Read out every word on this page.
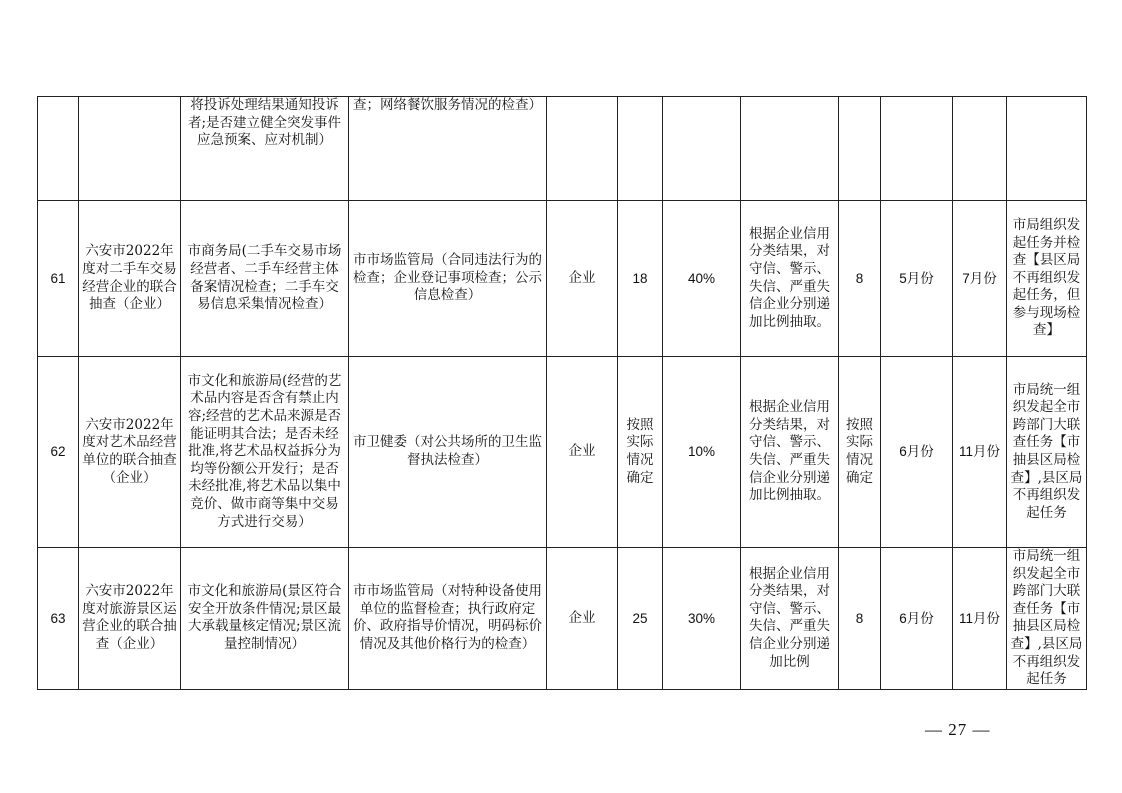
		将投诉处理结果通知投诉者;是否建立健全突发事件应急预案、应对机制）	查；网络餐饮服务情况的检查）								
61	六安市2022年度对二手车交易经营企业的联合抽查（企业）	市商务局(二手车交易市场经营者、二手车经营主体备案情况检查；二手车交易信息采集情况检查）	市市场监管局（合同违法行为的检查；企业登记事项检查；公示信息检查）	企业	18	40%	根据企业信用分类结果，对守信、警示、失信、严重失信企业分别递加比例抽取。	8	5月份	7月份	市局组织发起任务并检查【县区局不再组织发起任务，但参与现场检查】
62	六安市2022年度对艺术品经营单位的联合抽查（企业）	市文化和旅游局(经营的艺术品内容是否含有禁止内容;经营的艺术品来源是否能证明其合法；是否未经批准,将艺术品权益拆分为均等份额公开发行；是否未经批准,将艺术品以集中竞价、做市商等集中交易方式进行交易）	市卫健委（对公共场所的卫生监督执法检查）	企业	按照实际情况确定	10%	根据企业信用分类结果，对守信、警示、失信、严重失信企业分别递加比例抽取。	按照实际情况确定	6月份	11月份	市局统一组织发起全市跨部门大联查任务【市抽县区局检查】,县区局不再组织发起任务
63	六安市2022年度对旅游景区运营企业的联合抽查（企业）	市文化和旅游局(景区符合安全开放条件情况;景区最大承载量核定情况;景区流量控制情况）	市市场监管局（对特种设备使用单位的监督检查；执行政府定价、政府指导价情况，明码标价情况及其他价格行为的检查）	企业	25	30%	根据企业信用分类结果，对守信、警示、失信、严重失信企业分别递加比例	8	6月份	11月份	市局统一组织发起全市跨部门大联查任务【市抽县区局检查】,县区局不再组织发起任务
— 27 —
